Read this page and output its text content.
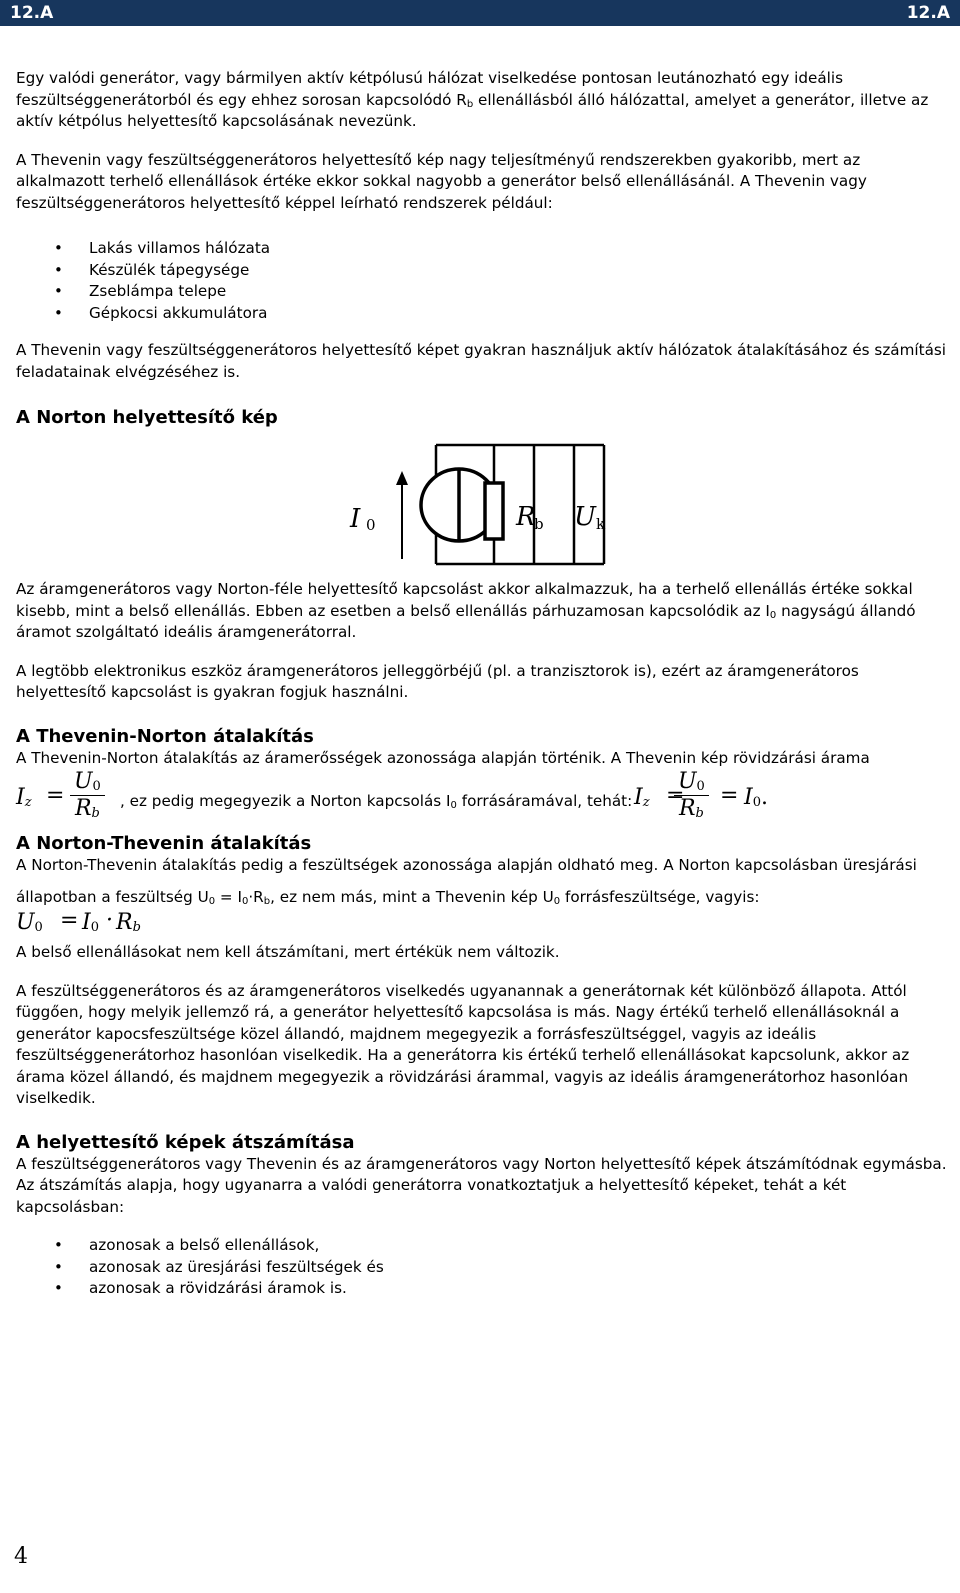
12.A	12.A

Egy valódi generátor, vagy bármilyen aktív kétpólusú hálózat viselkedése pontosan leutánozható egy ideális feszültséggenerátorból és egy ehhez sorosan kapcsolódó $R_b$ ellenállásból álló hálózattal, amelyet a generátor, illetve az aktív kétpólus helyettesítő kapcsolásának nevezünk.

A Thevenin vagy feszültséggenerátoros helyettesítő kép nagy teljesítményű rendszerekben gyakoribb, mert az alkalmazott terhelő ellenállások értéke ekkor sokkal nagyobb a generátor belső ellenállásánál. A Thevenin vagy feszültséggenerátoros helyettesítő képpel leírható rendszerek például:

• Lakás villamos hálózata
• Készülék tápegysége
• Zseblámpa telepe
• Gépkocsi akkumulátora

A Thevenin vagy feszültséggenerátoros helyettesítő képet gyakran használjuk aktív hálózatok átalakításához és számítási feladatainak elvégzéséhez is.

A Norton helyettesítő kép
I 0	R
b U k

Az áramgenerátoros vagy Norton-féle helyettesítő kapcsolást akkor alkalmazzuk, ha a terhelő ellenállás értéke sokkal kisebb, mint a belső ellenállás. Ebben az esetben a belső ellenállás párhuzamosan kapcsolódik az $I_0$ nagyságú állandó áramot szolgáltató ideális áramgenerátorral.

A legtöbb elektronikus eszköz áramgenerátoros jelleggörbéjű (pl. a tranzisztorok is), ezért az áramgenerátoros helyettesítő kapcsolást is gyakran fogjuk használni.

A Thevenin-Norton átalakítás

A Thevenin-Norton átalakítás az áramerősségek azonossága alapján történik. A Thevenin kép rövidzárási árama

$I_z = \frac{U_0}{R_b}$ , ez pedig megegyezik a Norton kapcsolás $I_0$ forrásáramával, tehát: $I_z$ =
$\frac{U_0}{R_b} = I_0$.
A Norton-Thevenin átalakítás

A Norton-Thevenin átalakítás pedig a feszültségek azonossága alapján oldható meg. A Norton kapcsolásban üresjárási

állapotban a feszültség $U_0 = I_0\cdot R_b$, ez nem más, mint a Thevenin kép $U_0$ forrásfeszültsége, vagyis:

$U_0 = I_0 \cdot R_b$

A belső ellenállásokat nem kell átszámítani, mert értékük nem változik.

A feszültséggenerátoros és az áramgenerátoros viselkedés ugyanannak a generátornak két különböző állapota. Attól függően, hogy melyik jellemző rá, a generátor helyettesítő kapcsolása is más. Nagy értékű terhelő ellenállásoknál a generátor kapocsfeszültsége közel állandó, majdnem megegyezik a forrásfeszültséggel, vagyis az ideális feszültséggenerátorhoz hasonlóan viselkedik. Ha a generátorra kis értékű terhelő ellenállásokat kapcsolunk, akkor az árama közel állandó, és majdnem megegyezik a rövidzárási árammal, vagyis az ideális áramgenerátorhoz hasonlóan viselkedik.

A helyettesítő képek átszámítása

A feszültséggenerátoros vagy Thevenin és az áramgenerátoros vagy Norton helyettesítő képek átszámítódnak egymásba. Az átszámítás alapja, hogy ugyanarra a valódi generátorra vonatkoztatjuk a helyettesítő képeket, tehát a két kapcsolásban:

• azonosak a belső ellenállások,
• azonosak az üresjárási feszültségek és
• azonosak a rövidzárási áramok is.
4
